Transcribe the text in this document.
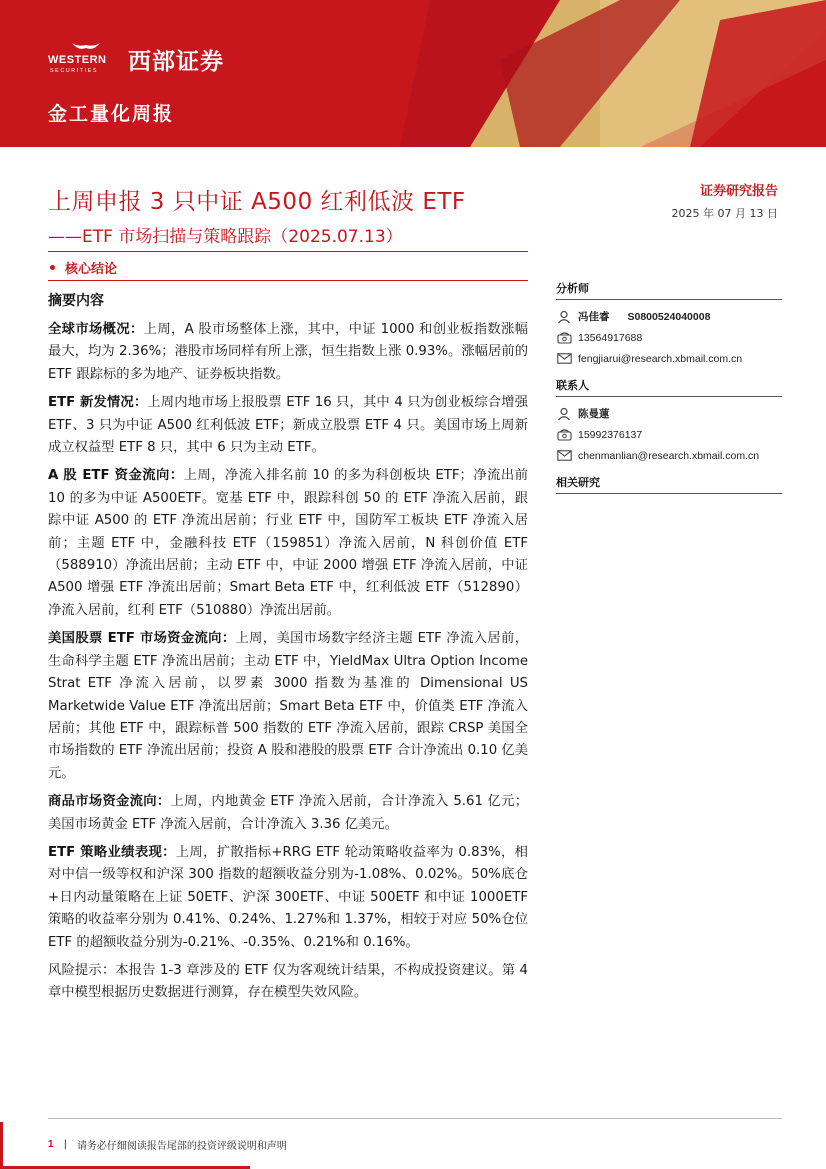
WESTERN
SECURITIES 西部证券
金工量化周报
上周申报 3 只中证 A500 红利低波 ETF
——ETF 市场扫描与策略跟踪（2025.07.13）
证券研究报告
2025 年 07 月 13 日
核心结论
摘要内容

全球市场概况：上周，A 股市场整体上涨，其中，中证 1000 和创业板指数涨幅最大，均为 2.36%；港股市场同样有所上涨，恒生指数上涨 0.93%。涨幅居前的 ETF 跟踪标的多为地产、证券板块指数。

ETF 新发情况：上周内地市场上报股票 ETF 16 只，其中 4 只为创业板综合增强 ETF、3 只为中证 A500 红利低波 ETF；新成立股票 ETF 4 只。美国市场上周新成立权益型 ETF 8 只，其中 6 只为主动 ETF。

A 股 ETF 资金流向：上周，净流入排名前 10 的多为科创板块 ETF；净流出前 10 的多为中证 A500ETF。宽基 ETF 中，跟踪科创 50 的 ETF 净流入居前，跟踪中证 A500 的 ETF 净流出居前；行业 ETF 中，国防军工板块 ETF 净流入居前；主题 ETF 中，金融科技 ETF（159851）净流入居前，N 科创价值 ETF（588910）净流出居前；主动 ETF 中，中证 2000 增强 ETF 净流入居前，中证 A500 增强 ETF 净流出居前；Smart Beta ETF 中，红利低波 ETF（512890）净流入居前，红利 ETF（510880）净流出居前。

美国股票 ETF 市场资金流向：上周，美国市场数字经济主题 ETF 净流入居前，生命科学主题 ETF 净流出居前；主动 ETF 中，YieldMax Ultra Option Income Strat ETF 净流入居前，以罗素 3000 指数为基准的 Dimensional US Marketwide Value ETF 净流出居前；Smart Beta ETF 中，价值类 ETF 净流入居前；其他 ETF 中，跟踪标普 500 指数的 ETF 净流入居前，跟踪 CRSP 美国全市场指数的 ETF 净流出居前；投资 A 股和港股的股票 ETF 合计净流出 0.10 亿美元。

商品市场资金流向：上周，内地黄金 ETF 净流入居前，合计净流入 5.61 亿元；美国市场黄金 ETF 净流入居前，合计净流入 3.36 亿美元。

ETF 策略业绩表现：上周，扩散指标+RRG ETF 轮动策略收益率为 0.83%，相对中信一级等权和沪深 300 指数的超额收益分别为-1.08%、0.02%。50%底仓+日内动量策略在上证 50ETF、沪深 300ETF、中证 500ETF 和中证 1000ETF 策略的收益率分别为 0.41%、0.24%、1.27%和 1.37%，相较于对应 50%仓位 ETF 的超额收益分别为-0.21%、-0.35%、0.21%和 0.16%。

风险提示：本报告 1-3 章涉及的 ETF 仅为客观统计结果，不构成投资建议。第 4 章中模型根据历史数据进行测算，存在模型失效风险。

分析师
冯佳睿 S0800524040008
13564917688
fengjiarui@research.xbmail.com.cn
联系人
陈曼蓮
15992376137
chenmanlian@research.xbmail.com.cn
相关研究
1 | 请务必仔细阅读报告尾部的投资评级说明和声明
